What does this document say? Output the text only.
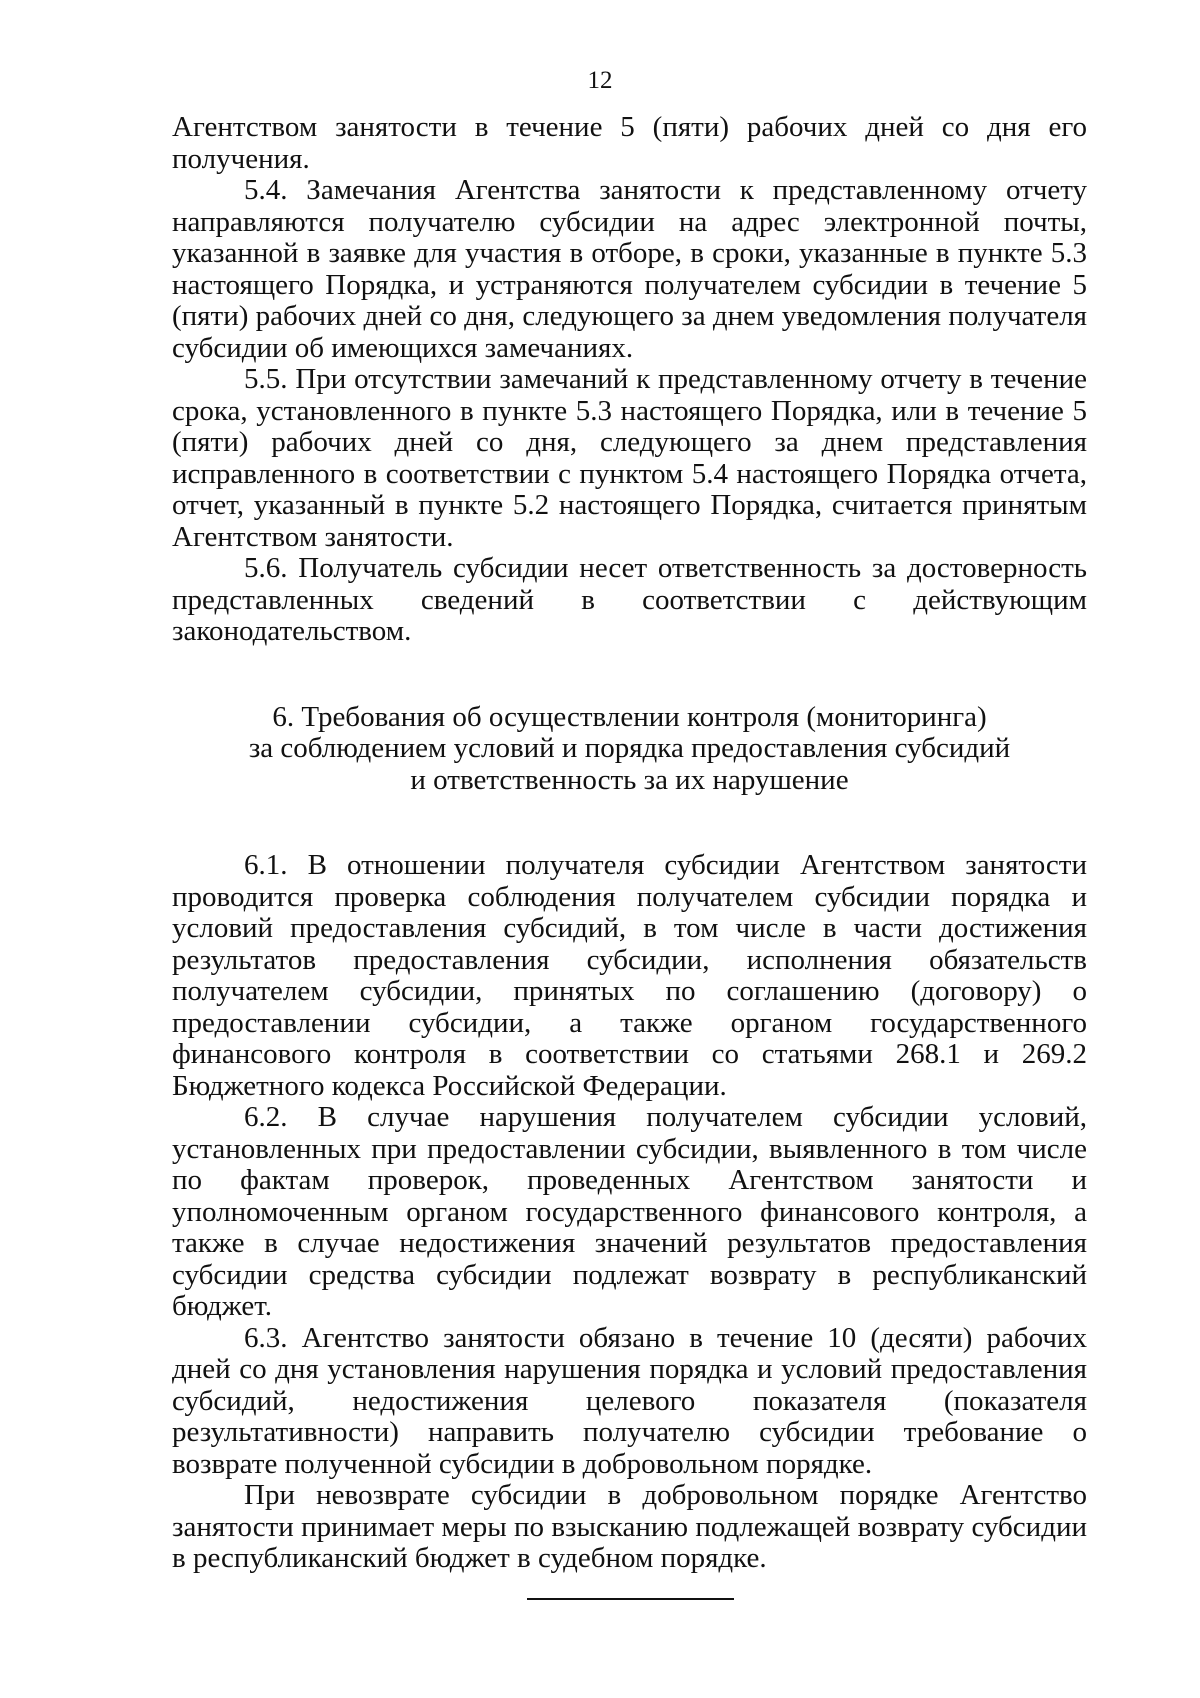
12

Агентством занятости в течение 5 (пяти) рабочих дней со дня его получения.

5.4. Замечания Агентства занятости к представленному отчету направляются получателю субсидии на адрес электронной почты, указанной в заявке для участия в отборе, в сроки, указанные в пункте 5.3 настоящего Порядка, и устраняются получателем субсидии в течение 5 (пяти) рабочих дней со дня, следующего за днем уведомления получателя субсидии об имеющихся замечаниях.

5.5. При отсутствии замечаний к представленному отчету в течение срока, установленного в пункте 5.3 настоящего Порядка, или в течение 5 (пяти) рабочих дней со дня, следующего за днем представления исправленного в соответствии с пунктом 5.4 настоящего Порядка отчета, отчет, указанный в пункте 5.2 настоящего Порядка, считается принятым Агентством занятости.

5.6. Получатель субсидии несет ответственность за достоверность представленных сведений в соответствии с действующим законодательством.

6. Требования об осуществлении контроля (мониторинга)
за соблюдением условий и порядка предоставления субсидий
и ответственность за их нарушение

6.1. В отношении получателя субсидии Агентством занятости проводится проверка соблюдения получателем субсидии порядка и условий предоставления субсидий, в том числе в части достижения результатов предоставления субсидии, исполнения обязательств получателем субсидии, принятых по соглашению (договору) о предоставлении субсидии, а также органом государственного финансового контроля в соответствии со статьями 268.1 и 269.2 Бюджетного кодекса Российской Федерации.

6.2. В случае нарушения получателем субсидии условий, установленных при предоставлении субсидии, выявленного в том числе по фактам проверок, проведенных Агентством занятости и уполномоченным органом государственного финансового контроля, а также в случае недостижения значений результатов предоставления субсидии средства субсидии подлежат возврату в республиканский бюджет.

6.3. Агентство занятости обязано в течение 10 (десяти) рабочих дней со дня установления нарушения порядка и условий предоставления субсидий, недостижения целевого показателя (показателя результативности) направить получателю субсидии требование о возврате полученной субсидии в добровольном порядке.

При невозврате субсидии в добровольном порядке Агентство занятости принимает меры по взысканию подлежащей возврату субсидии в республиканский бюджет в судебном порядке.
